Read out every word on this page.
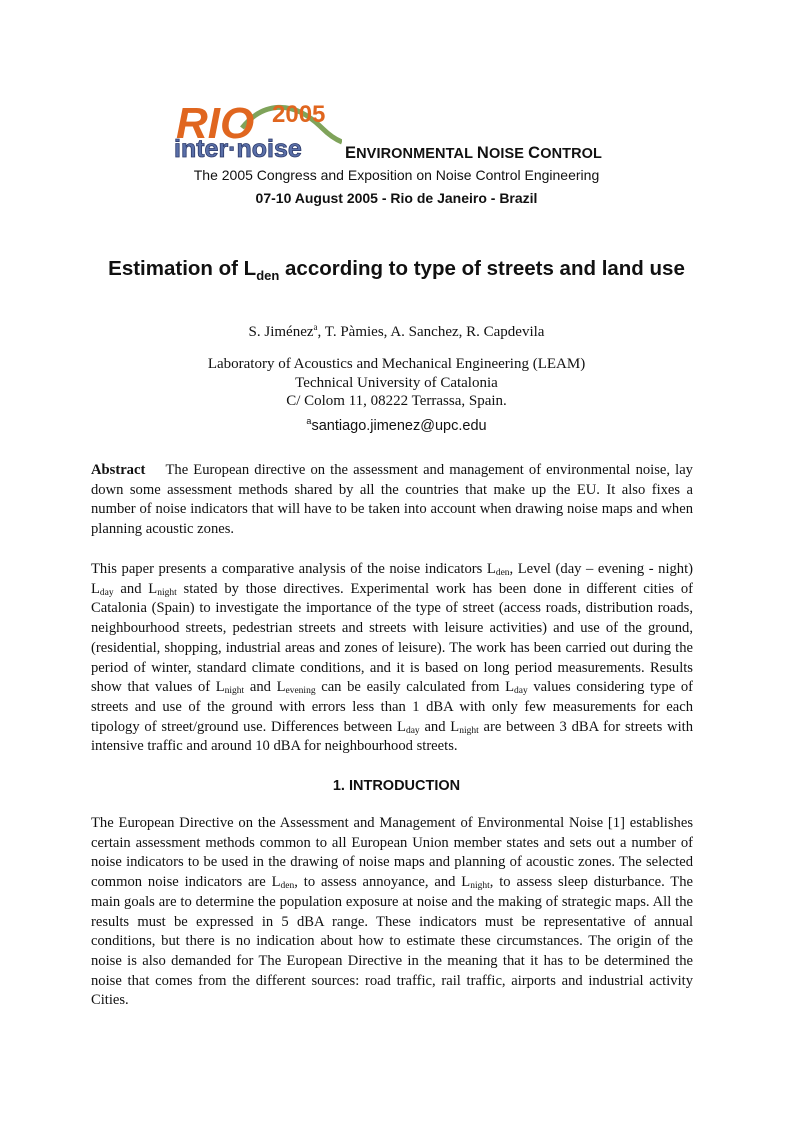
RIO 2005
inter·noise	ENVIRONMENTAL NOISE CONTROL
The 2005 Congress and Exposition on Noise Control Engineering
07-10 August 2005 - Rio de Janeiro - Brazil
Estimation of $L_{den}$ according to type of streets and land use
S. Jiménez$^a$, T. Pàmies, A. Sanchez, R. Capdevila
Laboratory of Acoustics and Mechanical Engineering (LEAM)
Technical University of Catalonia
C/ Colom 11, 08222 Terrassa, Spain.
$^a$santiago.jimenez@upc.edu

Abstract The European directive on the assessment and management of environmental noise, lay down some assessment methods shared by all the countries that make up the EU. It also fixes a number of noise indicators that will have to be taken into account when drawing noise maps and when planning acoustic zones.

This paper presents a comparative analysis of the noise indicators $L_{den}$, Level (day – evening - night) $L_{day}$ and $L_{night}$ stated by those directives. Experimental work has been done in different cities of Catalonia (Spain) to investigate the importance of the type of street (access roads, distribution roads, neighbourhood streets, pedestrian streets and streets with leisure activities) and use of the ground, (residential, shopping, industrial areas and zones of leisure). The work has been carried out during the period of winter, standard climate conditions, and it is based on long period measurements. Results show that values of $L_{night}$ and $L_{evening}$ can be easily calculated from $L_{day}$ values considering type of streets and use of the ground with errors less than 1 dBA with only few measurements for each tipology of street/ground use. Differences between $L_{day}$ and $L_{night}$ are between 3 dBA for streets with intensive traffic and around 10 dBA for neighbourhood streets.

1. INTRODUCTION

The European Directive on the Assessment and Management of Environmental Noise [1] establishes certain assessment methods common to all European Union member states and sets out a number of noise indicators to be used in the drawing of noise maps and planning of acoustic zones. The selected common noise indicators are $L_{den}$, to assess annoyance, and $L_{night}$, to assess sleep disturbance. The main goals are to determine the population exposure at noise and the making of strategic maps. All the results must be expressed in 5 dBA range. These indicators must be representative of annual conditions, but there is no indication about how to estimate these circumstances. The origin of the noise is also demanded for The European Directive in the meaning that it has to be determined the noise that comes from the different sources: road traffic, rail traffic, airports and industrial activity Cities.
